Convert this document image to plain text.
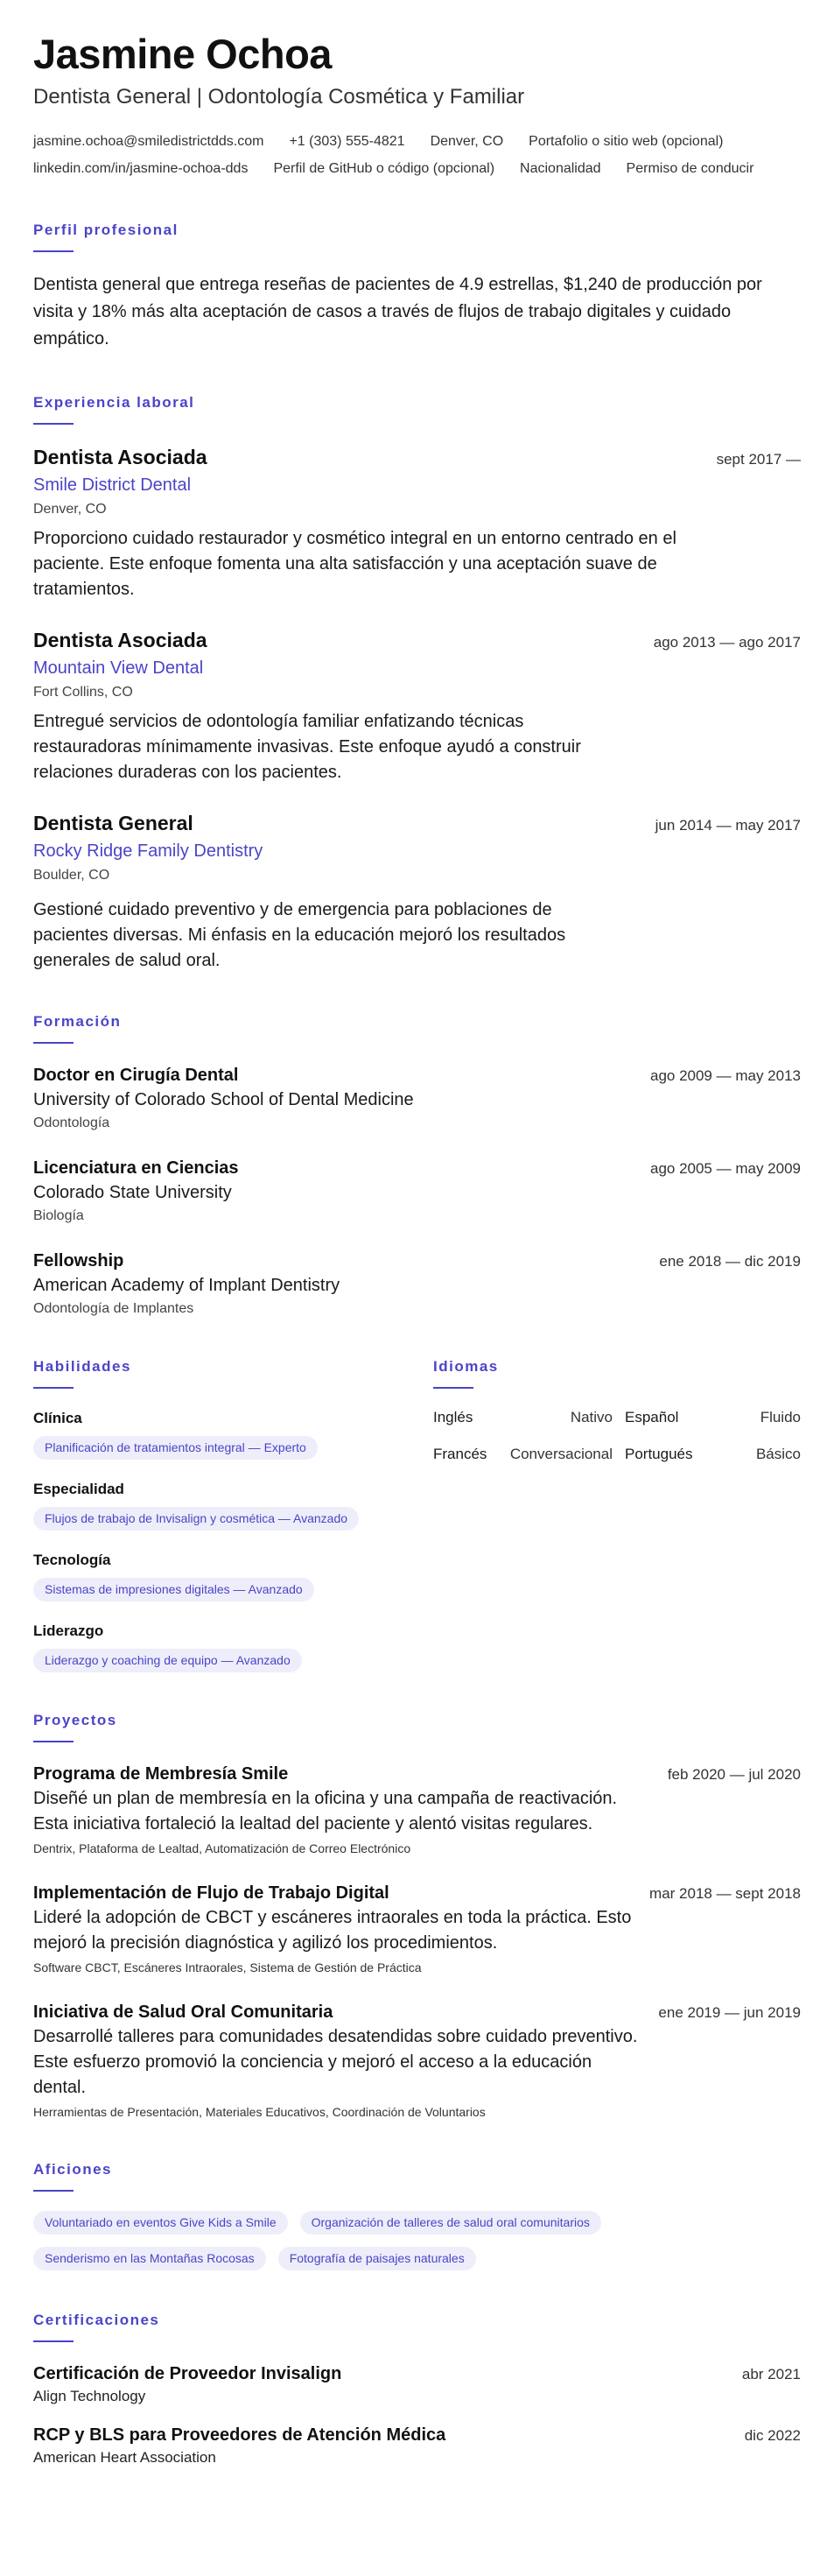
Jasmine Ochoa
Dentista General | Odontología Cosmética y Familiar
jasmine.ochoa@smiledistrictdds.com +1 (303) 555-4821 Denver, CO Portafolio o sitio web (opcional)
linkedin.com/in/jasmine-ochoa-dds Perfil de GitHub o código (opcional) Nacionalidad Permiso de conducir
Perfil profesional

Dentista general que entrega reseñas de pacientes de 4.9 estrellas, $1,240 de producción por visita y 18% más alta aceptación de casos a través de flujos de trabajo digitales y cuidado empático.

Experiencia laboral
Dentista Asociada	sept 2017 —
Smile District Dental
Denver, CO

Proporciono cuidado restaurador y cosmético integral en un entorno centrado en el paciente. Este enfoque fomenta una alta satisfacción y una aceptación suave de tratamientos.

Dentista Asociada	ago 2013 — ago 2017
Mountain View Dental
Fort Collins, CO

Entregué servicios de odontología familiar enfatizando técnicas restauradoras mínimamente invasivas. Este enfoque ayudó a construir relaciones duraderas con los pacientes.

Dentista General	jun 2014 — may 2017
Rocky Ridge Family Dentistry
Boulder, CO

Gestioné cuidado preventivo y de emergencia para poblaciones de pacientes diversas. Mi énfasis en la educación mejoró los resultados generales de salud oral.

Formación
Doctor en Cirugía Dental	ago 2009 — may 2013
University of Colorado School of Dental Medicine
Odontología
Licenciatura en Ciencias	ago 2005 — may 2009
Colorado State University
Biología
Fellowship	ene 2018 — dic 2019
American Academy of Implant Dentistry
Odontología de Implantes
Habilidades
Clínica
Planificación de tratamientos integral — Experto
Especialidad
Flujos de trabajo de Invisalign y cosmética — Avanzado
Tecnología
Sistemas de impresiones digitales — Avanzado
Liderazgo
Liderazgo y coaching de equipo — Avanzado
Idiomas
Inglés	Nativo Español	Fluido
Francés	Conversacional Portugués	Básico
Proyectos
Programa de Membresía Smile	feb 2020 — jul 2020

Diseñé un plan de membresía en la oficina y una campaña de reactivación. Esta iniciativa fortaleció la lealtad del paciente y alentó visitas regulares.

Dentrix, Plataforma de Lealtad, Automatización de Correo Electrónico
Implementación de Flujo de Trabajo Digital	mar 2018 — sept 2018

Lideré la adopción de CBCT y escáneres intraorales en toda la práctica. Esto mejoró la precisión diagnóstica y agilizó los procedimientos.

Software CBCT, Escáneres Intraorales, Sistema de Gestión de Práctica
Iniciativa de Salud Oral Comunitaria	ene 2019 — jun 2019

Desarrollé talleres para comunidades desatendidas sobre cuidado preventivo. Este esfuerzo promovió la conciencia y mejoró el acceso a la educación dental.

Herramientas de Presentación, Materiales Educativos, Coordinación de Voluntarios
Aficiones
Voluntariado en eventos Give Kids a Smile	Organización de talleres de salud oral comunitarios
Senderismo en las Montañas Rocosas	Fotografía de paisajes naturales
Certificaciones
Certificación de Proveedor Invisalign	abr 2021
Align Technology
RCP y BLS para Proveedores de Atención Médica	dic 2022
American Heart Association
